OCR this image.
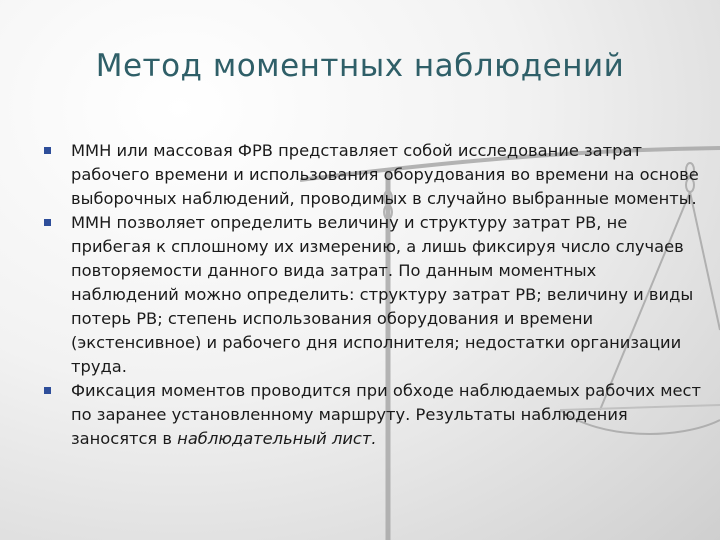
Метод моментных наблюдений
ММН или массовая ФРВ представляет собой исследование затрат рабочего времени и использования оборудования во времени на основе выборочных наблюдений, проводимых в случайно выбранные моменты.
ММН позволяет определить величину и структуру затрат РВ, не прибегая к сплошному их измерению, а лишь фиксируя число случаев повторяемости данного вида затрат. По данным моментных наблюдений можно определить: структуру затрат РВ; величину и виды потерь РВ; степень использования оборудования и времени (экстенсивное) и рабочего дня исполнителя; недостатки организации труда.
Фиксация моментов проводится при обходе наблюдаемых рабочих мест по заранее установленному маршруту. Результаты наблюдения заносятся в наблюдательный лист.
